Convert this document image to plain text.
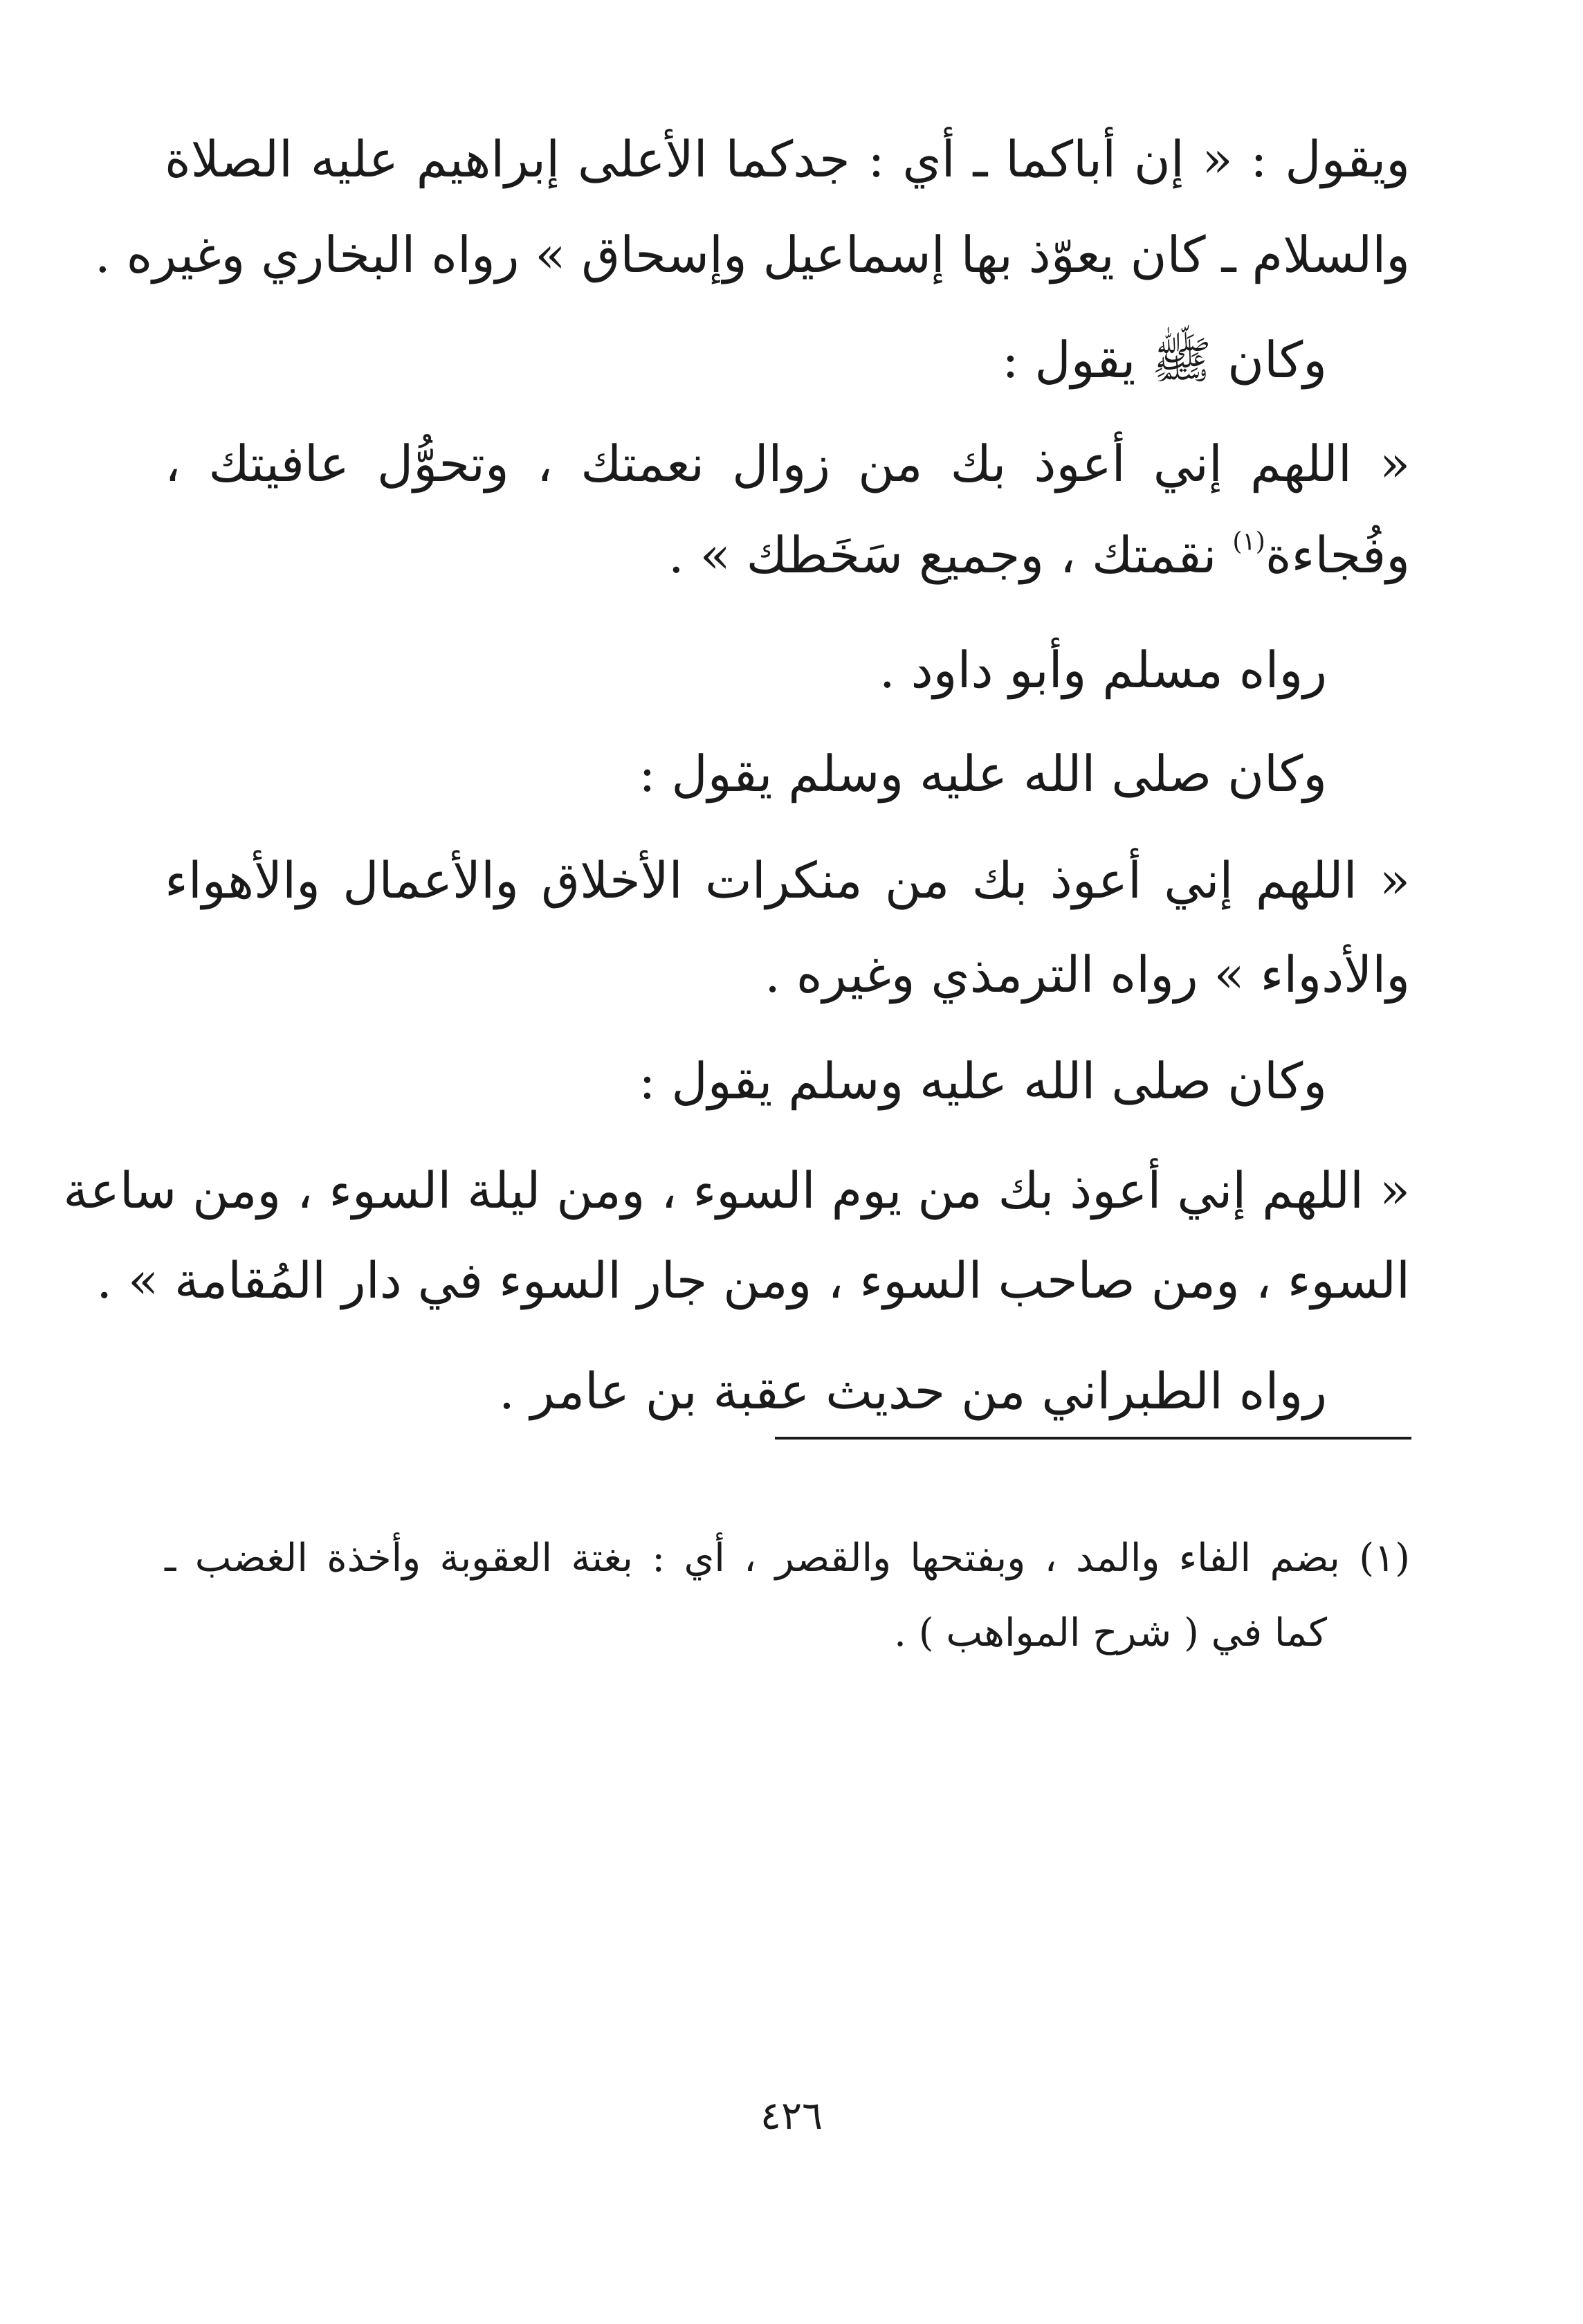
ويقول : « إن أباكما ـ أي : جدكما الأعلى إبراهيم عليه الصلاة
والسلام ـ كان يعوّذ بها إسماعيل وإسحاق » رواه البخاري وغيره .
وكان ﷺ يقول :
« اللهم إني أعوذ بك من زوال نعمتك ، وتحوُّل عافيتك ،
وفُجاءة$^{(١)}$ نقمتك ، وجميع سَخَطك » .
رواه مسلم وأبو داود .
وكان صلى الله عليه وسلم يقول :
« اللهم إني أعوذ بك من منكرات الأخلاق والأعمال والأهواء
والأدواء » رواه الترمذي وغيره .
وكان صلى الله عليه وسلم يقول :
« اللهم إني أعوذ بك من يوم السوء ، ومن ليلة السوء ، ومن ساعة
السوء ، ومن صاحب السوء ، ومن جار السوء في دار المُقامة » .
رواه الطبراني من حديث عقبة بن عامر .
(١) بضم الفاء والمد ، وبفتحها والقصر ، أي : بغتة العقوبة وأخذة الغضب ـ
كما في ( شرح المواهب ) .
٤٢٦
